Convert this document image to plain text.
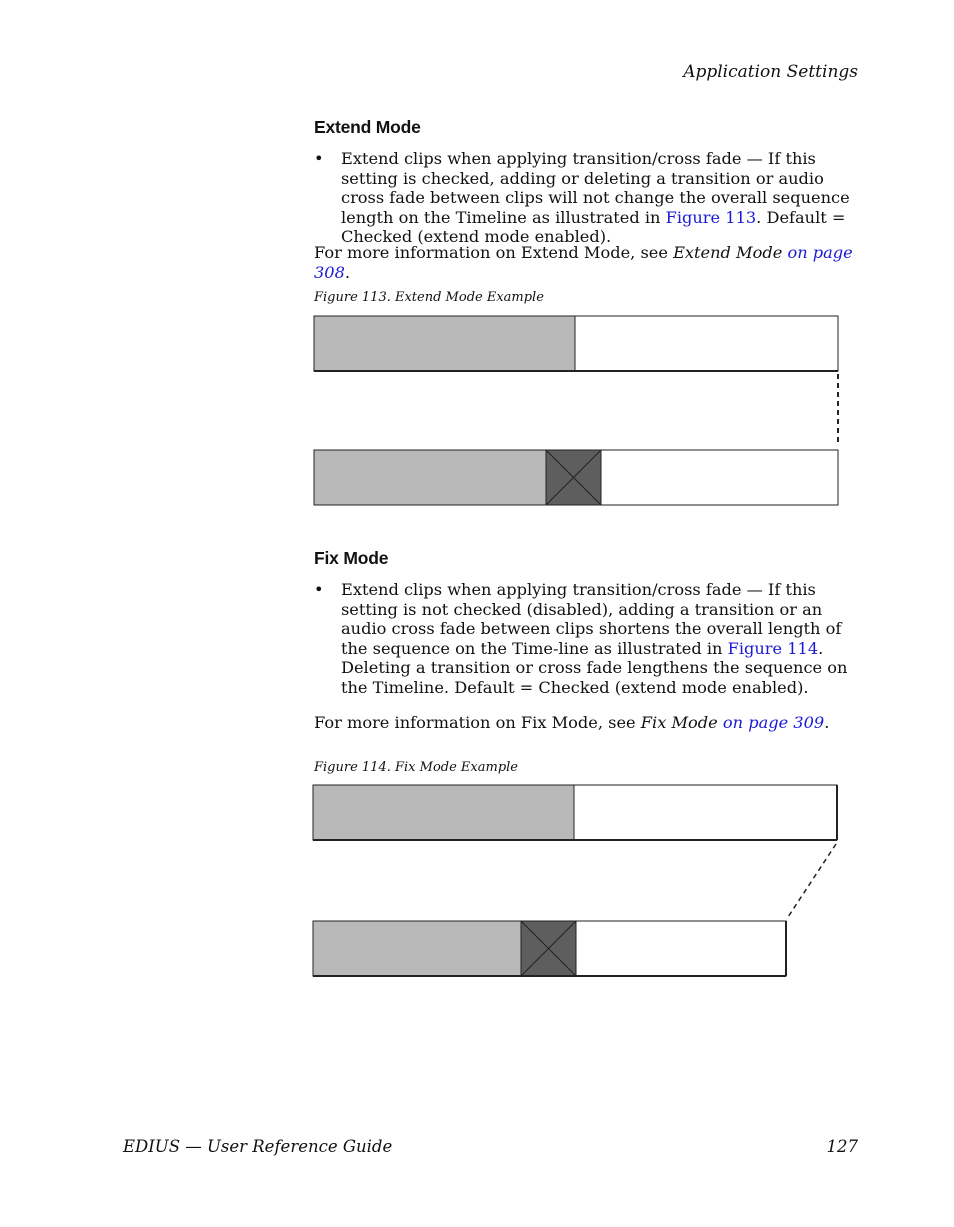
Application Settings
Extend Mode
• Extend clips when applying transition/cross fade — If this setting is checked, adding or deleting a transition or audio cross fade between clips will not change the overall sequence length on the Timeline as illustrated in Figure 113. Default = Checked (extend mode enabled).
For more information on Extend Mode, see Extend Mode on page 308.
Figure 113. Extend Mode Example
Fix Mode
• Extend clips when applying transition/cross fade — If this setting is not checked (disabled), adding a transition or an audio cross fade between clips shortens the overall length of the sequence on the Time-line as illustrated in Figure 114. Deleting a transition or cross fade lengthens the sequence on the Timeline. Default = Checked (extend mode enabled).
For more information on Fix Mode, see Fix Mode on page 309.
Figure 114. Fix Mode Example
EDIUS — User Reference Guide	127
